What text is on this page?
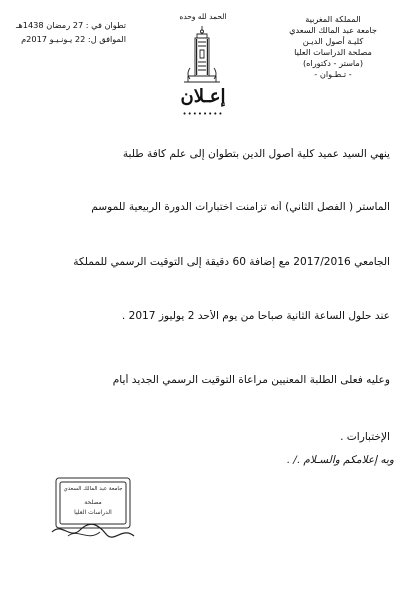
المملكة المغربية
جامعة عبد المالك السعدي
كليـة أصول الديـن
مصلحة الدراسات العليا
(ماستر - دكتوراه)
- تـطـوان -
تطوان في : 27 رمضان 1438هـ
الموافق ل: 22 يـونـيـو 2017م
الحمد لله وحده
إعـلان
••••••••
ينهي السيد عميد كلية أصول الدين بتطوان إلى علم كافة طلبة
الماستر ( الفصل الثاني) أنه تزامنت اختبارات الدورة الربيعية للموسم
الجامعي 2017/2016 مع إضافة 60 دقيقة إلى التوقيت الرسمي للمملكة
عند حلول الساعة الثانية صباحا من يوم الأحد 2 يوليوز 2017 .
وعليه فعلى الطلبة المعنيين مراعاة التوقيت الرسمي الجديد أيام
الإختبارات .
وبه إعلامكم والسـلام ./ .
جامعة عبد المالك السعدي
مصلحة
الدراسات العليا
